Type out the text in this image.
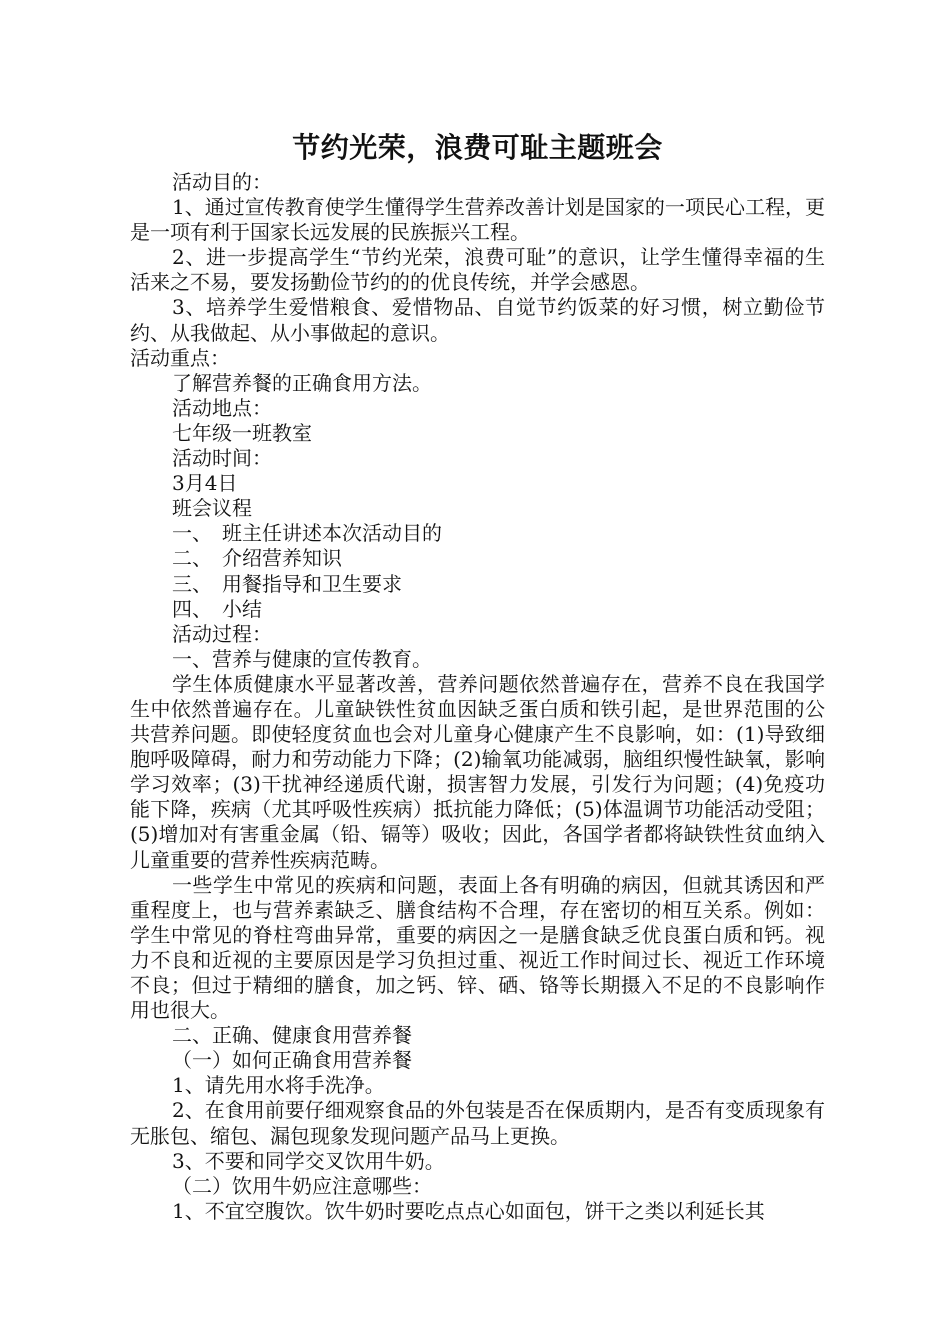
节约光荣，浪费可耻主题班会

活动目的：

1、通过宣传教育使学生懂得学生营养改善计划是国家的一项民心工程，更是一项有利于国家长远发展的民族振兴工程。

2、进一步提高学生“节约光荣，浪费可耻”的意识，让学生懂得幸福的生活来之不易，要发扬勤俭节约的的优良传统，并学会感恩。

3、培养学生爱惜粮食、爱惜物品、自觉节约饭菜的好习惯，树立勤俭节约、从我做起、从小事做起的意识。

活动重点：

了解营养餐的正确食用方法。

活动地点：

七年级一班教室

活动时间：

3月4日

班会议程

一、　班主任讲述本次活动目的

二、　介绍营养知识

三、　用餐指导和卫生要求

四、　小结

活动过程：

一、营养与健康的宣传教育。

学生体质健康水平显著改善，营养问题依然普遍存在，营养不良在我国学生中依然普遍存在。儿童缺铁性贫血因缺乏蛋白质和铁引起，是世界范围的公共营养问题。即使轻度贫血也会对儿童身心健康产生不良影响，如：(1)导致细胞呼吸障碍，耐力和劳动能力下降；(2)输氧功能减弱，脑组织慢性缺氧，影响学习效率；(3)干扰神经递质代谢，损害智力发展，引发行为问题；(4)免疫功能下降，疾病（尤其呼吸性疾病）抵抗能力降低；(5)体温调节功能活动受阻；(5)增加对有害重金属（铅、镉等）吸收；因此，各国学者都将缺铁性贫血纳入儿童重要的营养性疾病范畴。

一些学生中常见的疾病和问题，表面上各有明确的病因，但就其诱因和严重程度上，也与营养素缺乏、膳食结构不合理，存在密切的相互关系。例如：学生中常见的脊柱弯曲异常，重要的病因之一是膳食缺乏优良蛋白质和钙。视力不良和近视的主要原因是学习负担过重、视近工作时间过长、视近工作环境不良；但过于精细的膳食，加之钙、锌、硒、铬等长期摄入不足的不良影响作用也很大。

二、正确、健康食用营养餐

（一）如何正确食用营养餐

1、请先用水将手洗净。

2、在食用前要仔细观察食品的外包装是否在保质期内，是否有变质现象有无胀包、缩包、漏包现象发现问题产品马上更换。

3、不要和同学交叉饮用牛奶。

（二）饮用牛奶应注意哪些：

1、不宜空腹饮。饮牛奶时要吃点点心如面包，饼干之类以利延长其
